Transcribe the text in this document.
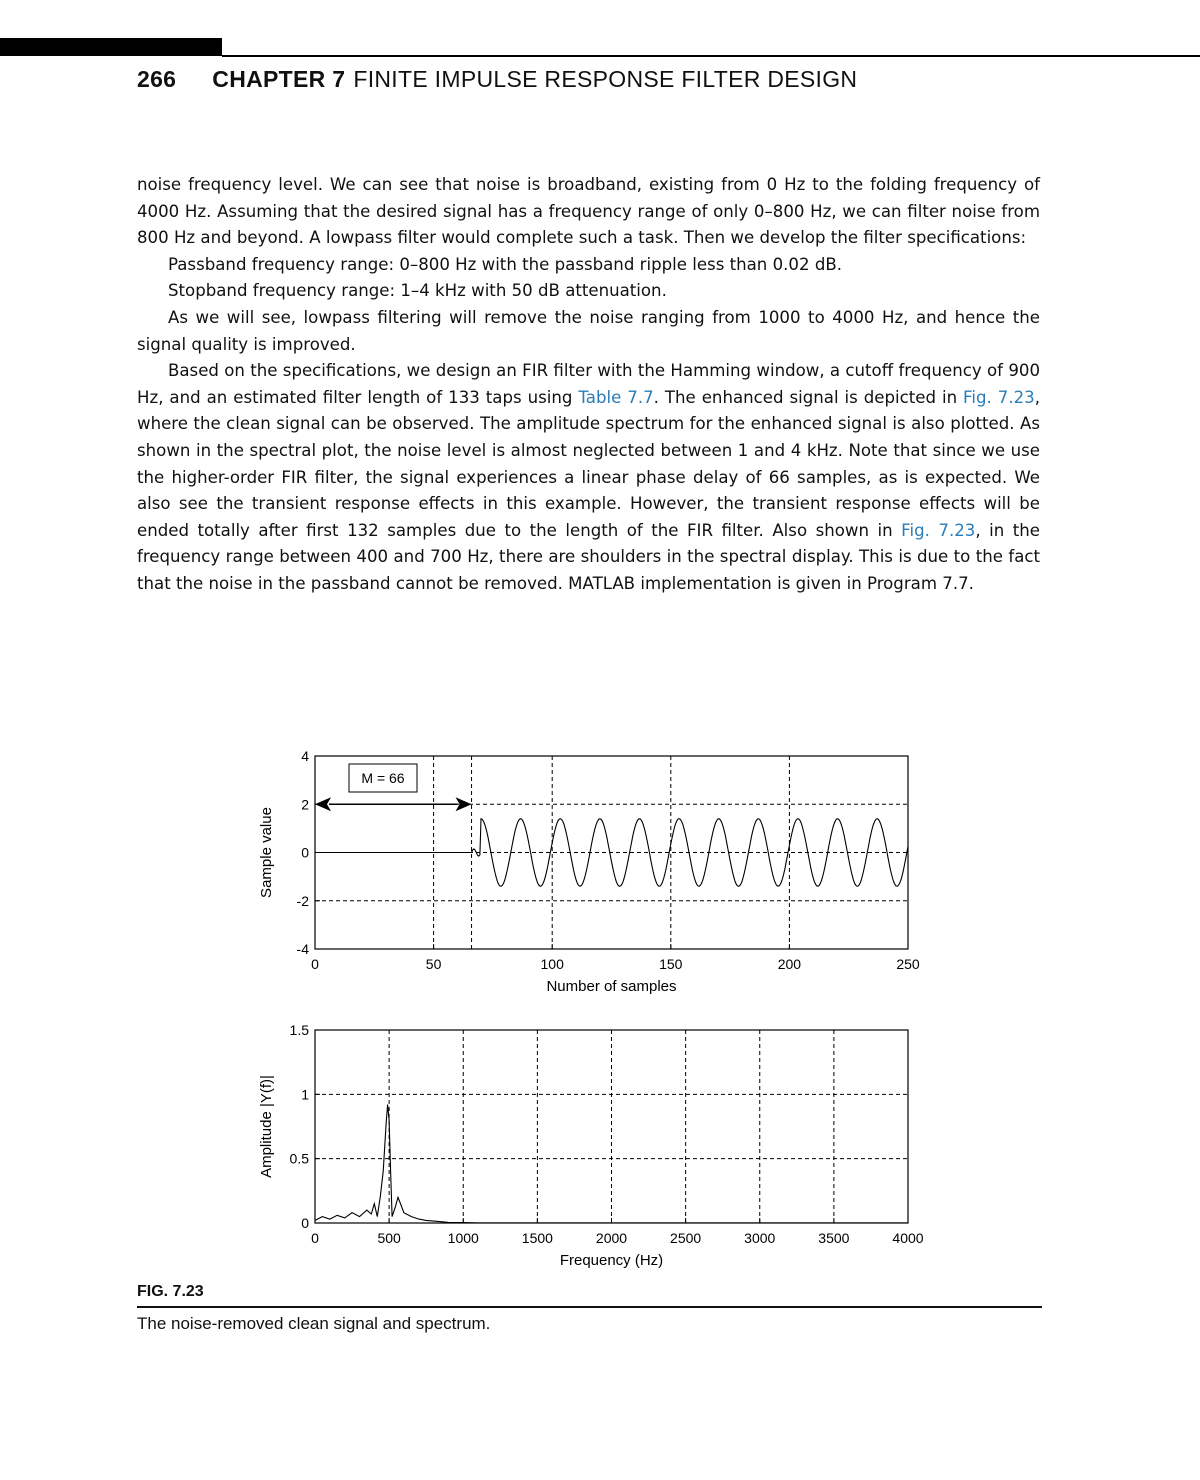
266 CHAPTER 7 FINITE IMPULSE RESPONSE FILTER DESIGN

noise frequency level. We can see that noise is broadband, existing from 0 Hz to the folding frequency of 4000 Hz. Assuming that the desired signal has a frequency range of only 0–800 Hz, we can filter noise from 800 Hz and beyond. A lowpass filter would complete such a task. Then we develop the filter specifications:

Passband frequency range: 0–800 Hz with the passband ripple less than 0.02 dB.

Stopband frequency range: 1–4 kHz with 50 dB attenuation.

As we will see, lowpass filtering will remove the noise ranging from 1000 to 4000 Hz, and hence the signal quality is improved.

Based on the specifications, we design an FIR filter with the Hamming window, a cutoff frequency of 900 Hz, and an estimated filter length of 133 taps using Table 7.7. The enhanced signal is depicted in Fig. 7.23, where the clean signal can be observed. The amplitude spectrum for the enhanced signal is also plotted. As shown in the spectral plot, the noise level is almost neglected between 1 and 4 kHz. Note that since we use the higher-order FIR filter, the signal experiences a linear phase delay of 66 samples, as is expected. We also see the transient response effects in this example. However, the transient response effects will be ended totally after first 132 samples due to the length of the FIR filter. Also shown in Fig. 7.23, in the frequency range between 400 and 700 Hz, there are shoulders in the spectral display. This is due to the fact that the noise in the passband cannot be removed. MATLAB implementation is given in Program 7.7.

0	50	100	150	200	250
-4
-2
0
2
4
Number of samples
Sample value
M = 66
0	500	1000	1500	2000	2500	3000	3500	4000
0
0.5
1
1.5
Frequency (Hz)
Amplitude |Y(f)|
FIG. 7.23
The noise-removed clean signal and spectrum.
